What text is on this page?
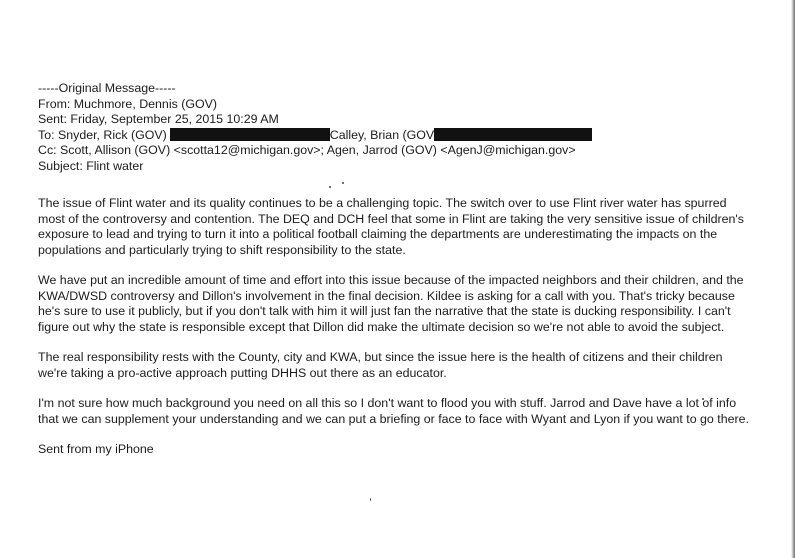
-----Original Message-----
From: Muchmore, Dennis (GOV)
Sent: Friday, September 25, 2015 10:29 AM
To: Snyder, Rick (GOV)	Calley, Brian (GOV
Cc: Scott, Allison (GOV) <scotta12@michigan.gov>; Agen, Jarrod (GOV) <AgenJ@michigan.gov>
Subject: Flint water

The issue of Flint water and its quality continues to be a challenging topic. The switch over to use Flint river water has spurred most of the controversy and contention. The DEQ and DCH feel that some in Flint are taking the very sensitive issue of children's exposure to lead and trying to turn it into a political football claiming the departments are underestimating the impacts on the populations and particularly trying to shift responsibility to the state.

We have put an incredible amount of time and effort into this issue because of the impacted neighbors and their children, and the KWA/DWSD controversy and Dillon's involvement in the final decision. Kildee is asking for a call with you. That's tricky because he's sure to use it publicly, but if you don't talk with him it will just fan the narrative that the state is ducking responsibility. I can't figure out why the state is responsible except that Dillon did make the ultimate decision so we're not able to avoid the subject.

The real responsibility rests with the County, city and KWA, but since the issue here is the health of citizens and their children we're taking a pro-active approach putting DHHS out there as an educator.

I'm not sure how much background you need on all this so I don't want to flood you with stuff. Jarrod and Dave have a lot of info that we can supplement your understanding and we can put a briefing or face to face with Wyant and Lyon if you want to go there.

Sent from my iPhone
